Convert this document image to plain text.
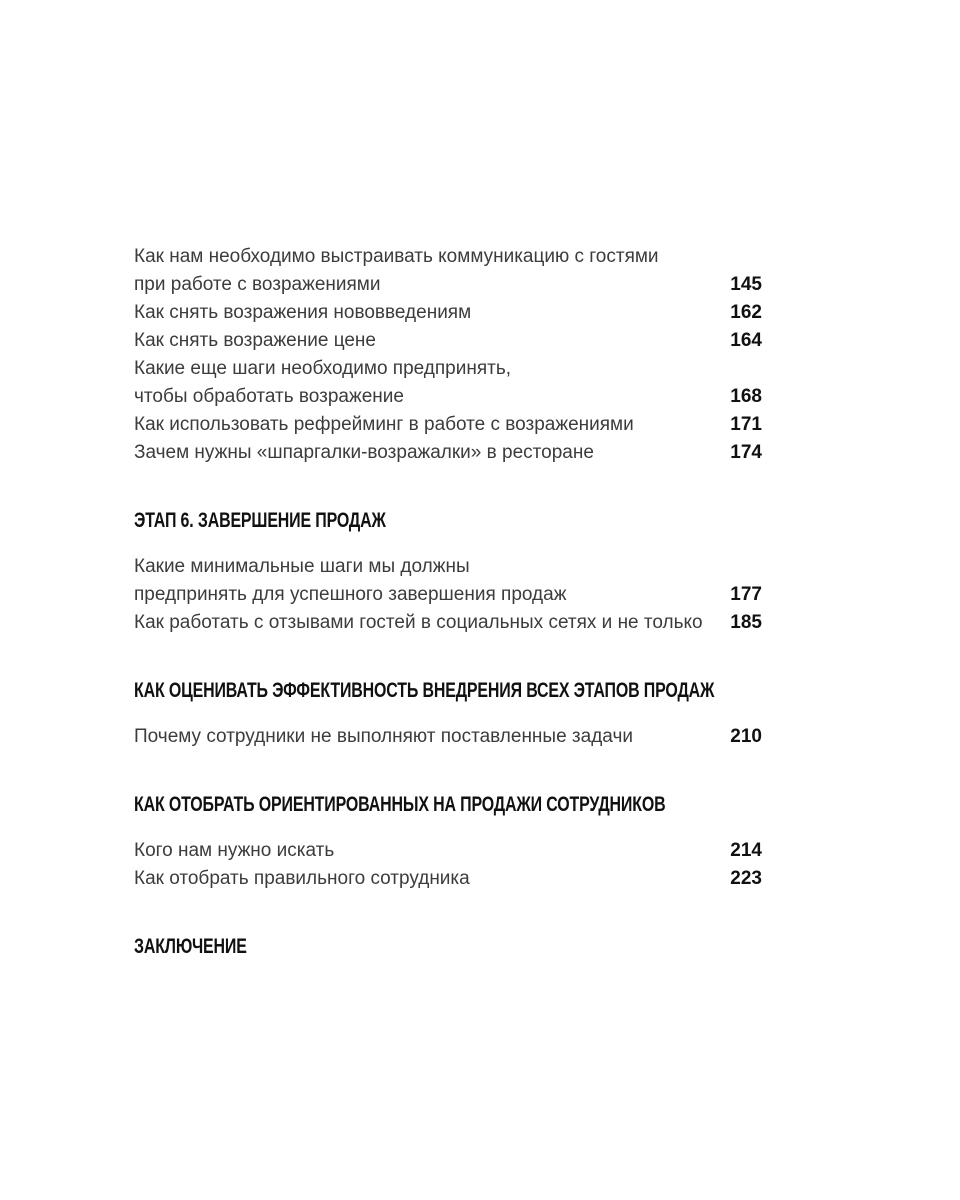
Как нам необходимо выстраивать коммуникацию с гостями
при работе с возражениями	145
Как снять возражения нововведениям	162
Как снять возражение цене	164
Какие еще шаги необходимо предпринять,
чтобы обработать возражение	168
Как использовать рефрейминг в работе с возражениями	171
Зачем нужны «шпаргалки-возражалки» в ресторане	174
ЭТАП 6. ЗАВЕРШЕНИЕ ПРОДАЖ
Какие минимальные шаги мы должны
предпринять для успешного завершения продаж	177
Как работать с отзывами гостей в социальных сетях и не только	185
КАК ОЦЕНИВАТЬ ЭФФЕКТИВНОСТЬ ВНЕДРЕНИЯ ВСЕХ ЭТАПОВ ПРОДАЖ
Почему сотрудники не выполняют поставленные задачи	210
КАК ОТОБРАТЬ ОРИЕНТИРОВАННЫХ НА ПРОДАЖИ СОТРУДНИКОВ
Кого нам нужно искать	214
Как отобрать правильного сотрудника	223
ЗАКЛЮЧЕНИЕ
